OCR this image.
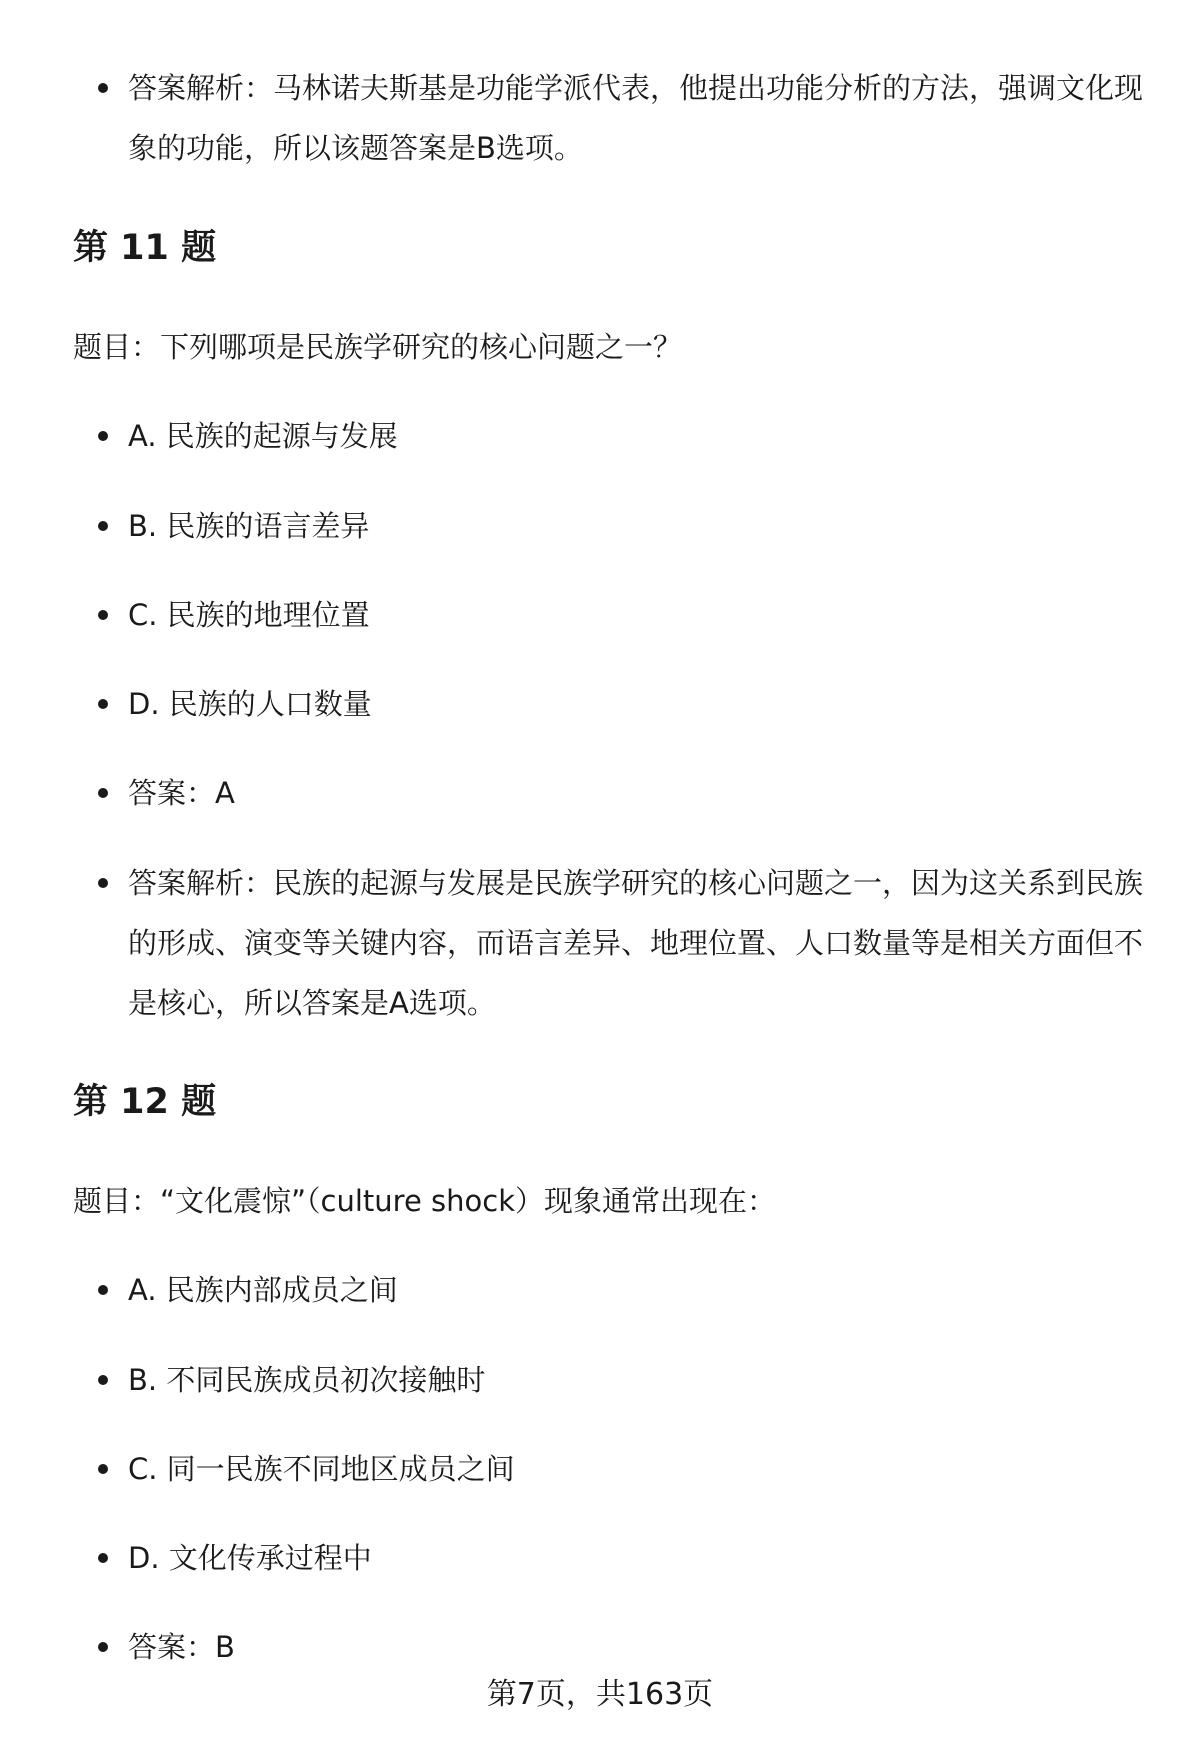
答案解析：马林诺夫斯基是功能学派代表，他提出功能分析的方法，强调文化现象的功能，所以该题答案是B选项。
第 11 题
题目：下列哪项是民族学研究的核心问题之一？
A. 民族的起源与发展
B. 民族的语言差异
C. 民族的地理位置
D. 民族的人口数量
答案：A
答案解析：民族的起源与发展是民族学研究的核心问题之一，因为这关系到民族的形成、演变等关键内容，而语言差异、地理位置、人口数量等是相关方面但不是核心，所以答案是A选项。
第 12 题
题目：“文化震惊”（culture shock）现象通常出现在：
A. 民族内部成员之间
B. 不同民族成员初次接触时
C. 同一民族不同地区成员之间
D. 文化传承过程中
答案：B
第7页，共163页
